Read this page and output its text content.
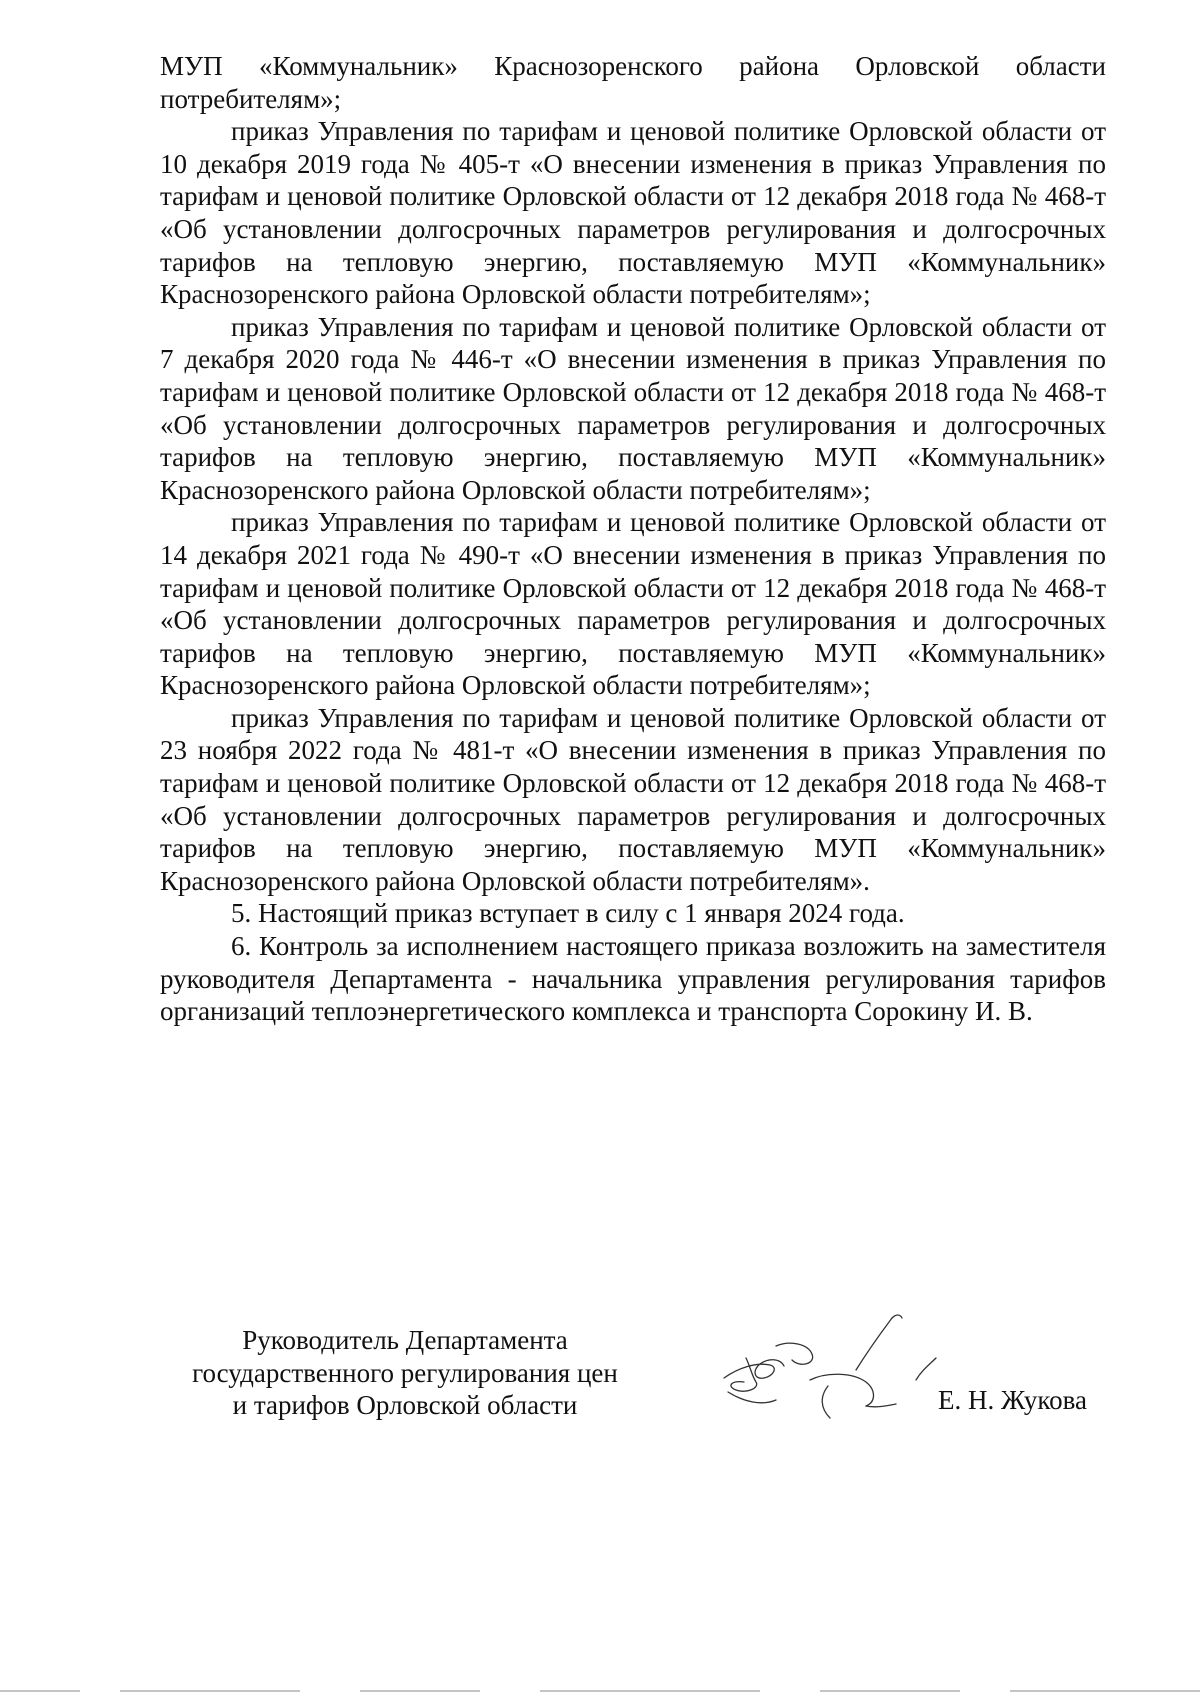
МУП «Коммунальник» Краснозоренского района Орловской области потребителям»;

приказ Управления по тарифам и ценовой политике Орловской области от 10 декабря 2019 года № 405-т «О внесении изменения в приказ Управления по тарифам и ценовой политике Орловской области от 12 декабря 2018 года № 468-т «Об установлении долгосрочных параметров регулирования и долгосрочных тарифов на тепловую энергию, поставляемую МУП «Коммунальник» Краснозоренского района Орловской области потребителям»;

приказ Управления по тарифам и ценовой политике Орловской области от 7 декабря 2020 года № 446-т «О внесении изменения в приказ Управления по тарифам и ценовой политике Орловской области от 12 декабря 2018 года № 468-т «Об установлении долгосрочных параметров регулирования и долгосрочных тарифов на тепловую энергию, поставляемую МУП «Коммунальник» Краснозоренского района Орловской области потребителям»;

приказ Управления по тарифам и ценовой политике Орловской области от 14 декабря 2021 года № 490-т «О внесении изменения в приказ Управления по тарифам и ценовой политике Орловской области от 12 декабря 2018 года № 468-т «Об установлении долгосрочных параметров регулирования и долгосрочных тарифов на тепловую энергию, поставляемую МУП «Коммунальник» Краснозоренского района Орловской области потребителям»;

приказ Управления по тарифам и ценовой политике Орловской области от 23 ноября 2022 года № 481-т «О внесении изменения в приказ Управления по тарифам и ценовой политике Орловской области от 12 декабря 2018 года № 468-т «Об установлении долгосрочных параметров регулирования и долгосрочных тарифов на тепловую энергию, поставляемую МУП «Коммунальник» Краснозоренского района Орловской области потребителям».

5. Настоящий приказ вступает в силу с 1 января 2024 года.

6. Контроль за исполнением настоящего приказа возложить на заместителя руководителя Департамента - начальника управления регулирования тарифов организаций теплоэнергетического комплекса и транспорта Сорокину И. В.

Руководитель Департамента
государственного регулирования цен
и тарифов Орловской области	Е. Н. Жукова
